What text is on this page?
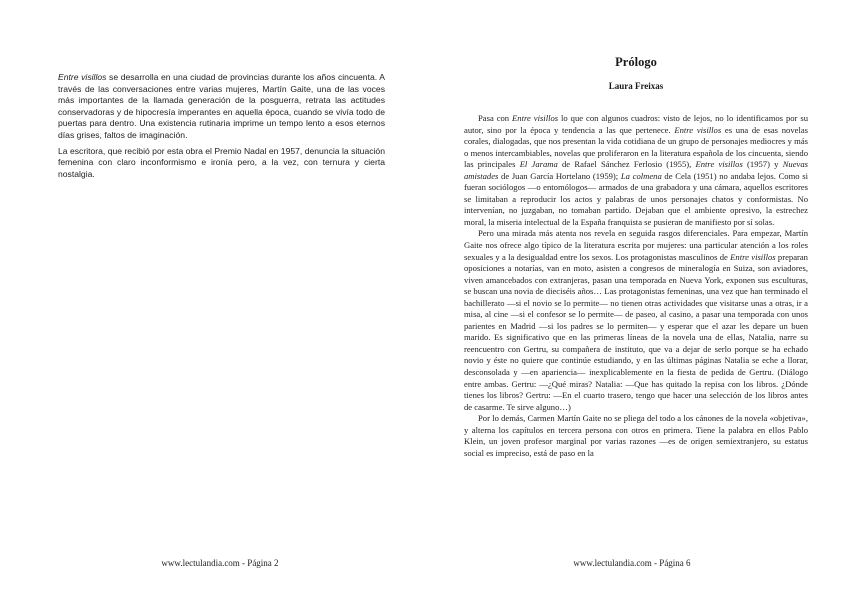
Entre visillos se desarrolla en una ciudad de provincias durante los años cincuenta. A través de las conversaciones entre varias mujeres, Martín Gaite, una de las voces más importantes de la llamada generación de la posguerra, retrata las actitudes conservadoras y de hipocresía imperantes en aquella época, cuando se vivía todo de puertas para dentro. Una existencia rutinaria imprime un tempo lento a esos eternos días grises, faltos de imaginación.

La escritora, que recibió por esta obra el Premio Nadal en 1957, denuncia la situación femenina con claro inconformismo e ironía pero, a la vez, con ternura y cierta nostalgia.

www.lectulandia.com - Página 2
Prólogo
Laura Freixas

Pasa con Entre visillos lo que con algunos cuadros: visto de lejos, no lo identificamos por su autor, sino por la época y tendencia a las que pertenece. Entre visillos es una de esas novelas corales, dialogadas, que nos presentan la vida cotidiana de un grupo de personajes mediocres y más o menos intercambiables, novelas que proliferaron en la literatura española de los cincuenta, siendo las principales El Jarama de Rafael Sánchez Ferlosio (1955), Entre visillos (1957) y Nuevas amistades de Juan García Hortelano (1959); La colmena de Cela (1951) no andaba lejos. Como si fueran sociólogos —o entomólogos— armados de una grabadora y una cámara, aquellos escritores se limitaban a reproducir los actos y palabras de unos personajes chatos y conformistas. No intervenían, no juzgaban, no tomaban partido. Dejaban que el ambiente opresivo, la estrechez moral, la miseria intelectual de la España franquista se pusieran de manifiesto por sí solas.

Pero una mirada más atenta nos revela en seguida rasgos diferenciales. Para empezar, Martín Gaite nos ofrece algo típico de la literatura escrita por mujeres: una particular atención a los roles sexuales y a la desigualdad entre los sexos. Los protagonistas masculinos de Entre visillos preparan oposiciones a notarías, van en moto, asisten a congresos de mineralogía en Suiza, son aviadores, viven amancebados con extranjeras, pasan una temporada en Nueva York, exponen sus esculturas, se buscan una novia de dieciséis años… Las protagonistas femeninas, una vez que han terminado el bachillerato —si el novio se lo permite— no tienen otras actividades que visitarse unas a otras, ir a misa, al cine —si el confesor se lo permite— de paseo, al casino, a pasar una temporada con unos parientes en Madrid —si los padres se lo permiten— y esperar que el azar les depare un buen marido. Es significativo que en las primeras líneas de la novela una de ellas, Natalia, narre su reencuentro con Gertru, su compañera de instituto, que va a dejar de serlo porque se ha echado novio y éste no quiere que continúe estudiando, y en las últimas páginas Natalia se eche a llorar, desconsolada y —en apariencia— inexplicablemente en la fiesta de pedida de Gertru. (Diálogo entre ambas. Gertru: —¿Qué miras? Natalia: —Que has quitado la repisa con los libros. ¿Dónde tienes los libros? Gertru: —En el cuarto trasero, tengo que hacer una selección de los libros antes de casarme. Te sirve alguno…)

Por lo demás, Carmen Martín Gaite no se pliega del todo a los cánones de la novela «objetiva», y alterna los capítulos en tercera persona con otros en primera. Tiene la palabra en ellos Pablo Klein, un joven profesor marginal por varias razones —es de origen semiextranjero, su estatus social es impreciso, está de paso en la

www.lectulandia.com - Página 6
